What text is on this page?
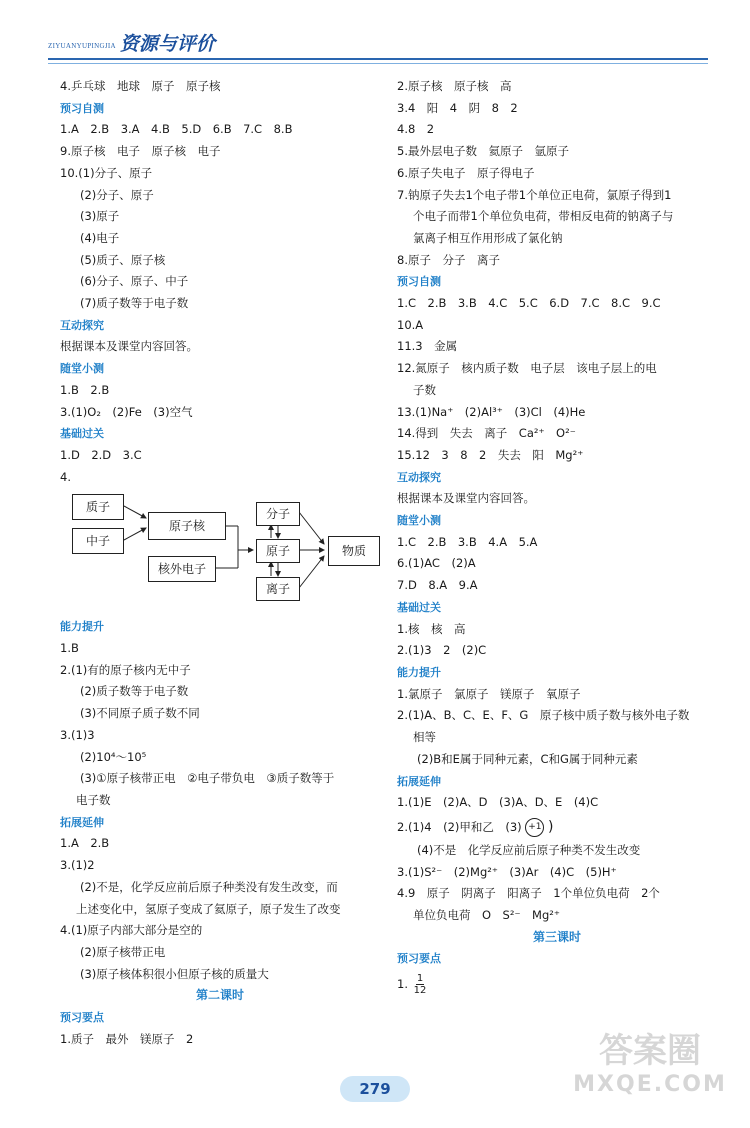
ZIYUANYUPINGJIA 资源与评价
4.乒乓球　地球　原子　原子核
预习自测
1.A　2.B　3.A　4.B　5.D　6.B　7.C　8.B
9.原子核　电子　原子核　电子
10.(1)分子、原子
(2)分子、原子
(3)原子
(4)电子
(5)质子、原子核
(6)分子、原子、中子
(7)质子数等于电子数
互动探究
根据课本及课堂内容回答。
随堂小测
1.B　2.B
3.(1)O₂　(2)Fe　(3)空气
基础过关
1.D　2.D　3.C
4.
质子
中子
原子核
核外电子
分子
原子
离子
物质
能力提升
1.B
2.(1)有的原子核内无中子
(2)质子数等于电子数
(3)不同原子质子数不同
3.(1)3
(2)10⁴～10⁵
(3)①原子核带正电　②电子带负电　③质子数等于
电子数
拓展延伸
1.A　2.B
3.(1)2
(2)不是，化学反应前后原子种类没有发生改变，而
上述变化中，氢原子变成了氦原子，原子发生了改变
4.(1)原子内部大部分是空的
(2)原子核带正电
(3)原子核体积很小但原子核的质量大
第二课时
预习要点
1.质子　最外　镁原子　2
2.原子核　原子核　高
3.4　阳　4　阴　8　2
4.8　2
5.最外层电子数　氦原子　氩原子
6.原子失电子　原子得电子
7.钠原子失去1个电子带1个单位正电荷，氯原子得到1
个电子而带1个单位负电荷，带相反电荷的钠离子与
氯离子相互作用形成了氯化钠
8.原子　分子　离子
预习自测
1.C　2.B　3.B　4.C　5.C　6.D　7.C　8.C　9.C
10.A
11.3　金属
12.氮原子　核内质子数　电子层　该电子层上的电
子数
13.(1)Na⁺　(2)Al³⁺　(3)Cl　(4)He
14.得到　失去　离子　Ca²⁺　O²⁻
15.12　3　8　2　失去　阳　Mg²⁺
互动探究
根据课本及课堂内容回答。
随堂小测
1.C　2.B　3.B　4.A　5.A
6.(1)AC　(2)A
7.D　8.A　9.A
基础过关
1.核　核　高
2.(1)3　2　(2)C
能力提升
1.氯原子　氯原子　镁原子　氧原子
2.(1)A、B、C、E、F、G　原子核中质子数与核外电子数
相等
(2)B和E属于同种元素，C和G属于同种元素
拓展延伸
1.(1)E　(2)A、D　(3)A、D、E　(4)C
2.(1)4　(2)甲和乙　(3) +1 )
(4)不是　化学反应前后原子种类不发生改变
3.(1)S²⁻　(2)Mg²⁺　(3)Ar　(4)C　(5)H⁺
4.9　原子　阴离子　阳离子　1个单位负电荷　2个
单位负电荷　O　S²⁻　Mg²⁺
第三课时
预习要点
1. $\frac{1}{12}$
279
答案圈
MXQE.COM
